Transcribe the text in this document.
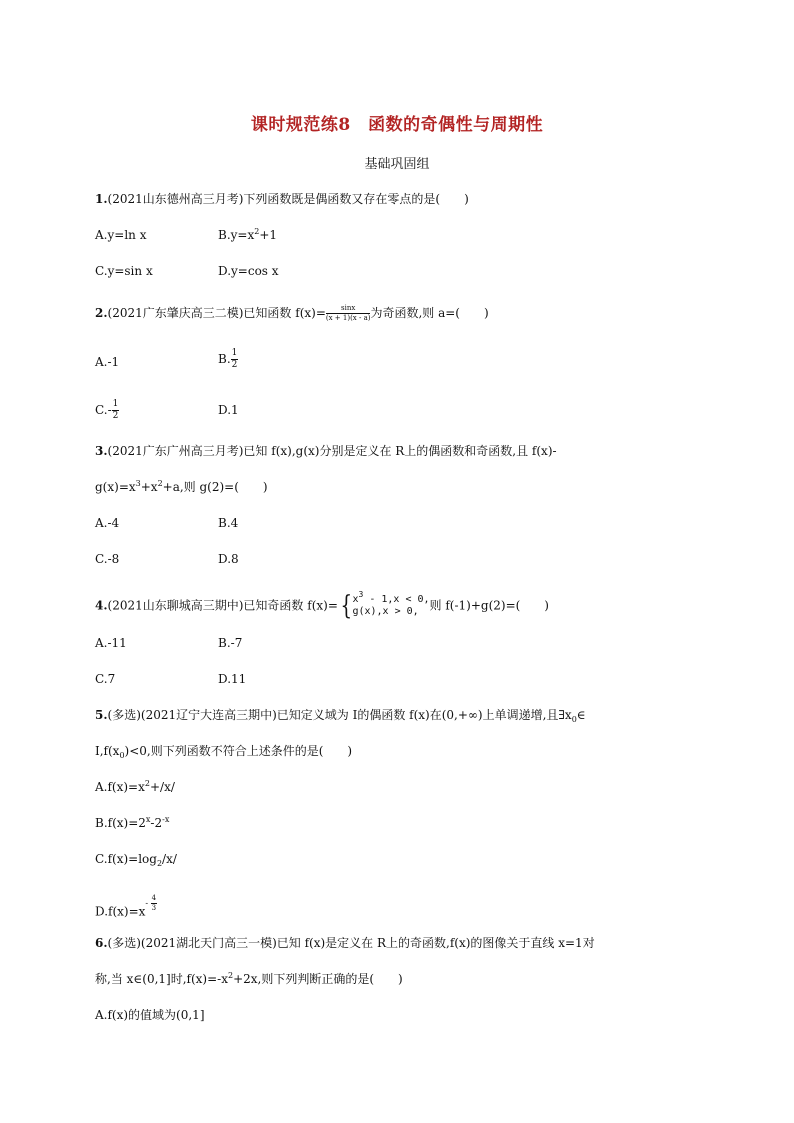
课时规范练8　函数的奇偶性与周期性
基础巩固组
1.(2021山东德州高三月考)下列函数既是偶函数又存在零点的是(　　)
A.y=ln x	$B.y=x^2+1$
C.y=sin x	D.y=cos x
2.(2021广东肇庆高三二模)已知函数 $f(x)= \frac{\sin x}{(x + 1)(x - a)}$ 为奇函数,则 a=(　　)
A.-1	B. $\frac{1}{2}$
$C.- \frac{1}{2}$	D.1
3.(2021广东广州高三月考)已知 f(x),g(x)分别是定义在 R上的偶函数和奇函数,且 f(x)-
$g(x)=x^3+x^2+a$,则 g(2)=(　　)
A.-4	B.4
C.-8	D.8
4.(2021山东聊城高三期中)已知奇函数 f(x)={ $x^3 - 1,x < 0$,
g(x),x > 0, 则 f(-1)+g(2)=(　　)
A.-11	B.-7
C.7	D.11
5.(多选)(2021辽宁大连高三期中)已知定义域为 I的偶函数 f(x)在(0,+∞)上单调递增,且$\exists x_0\in$
$I,f(x_0)<0$,则下列函数不符合上述条件的是(　　)
$A.f(x)=x^2+/x/$
$B.f(x)=2^x-2^{-x}$
$C.f(x)=\log_2/x/$
$D.f(x)=x- \frac{4}{3}$
6.(多选)(2021湖北天门高三一模)已知 f(x)是定义在 R上的奇函数,f(x)的图像关于直线 x=1对
称,当 x∈(0,1]时$,f(x)=-x^2+2x$,则下列判断正确的是(　　)
A.f(x)的值域为(0,1]
